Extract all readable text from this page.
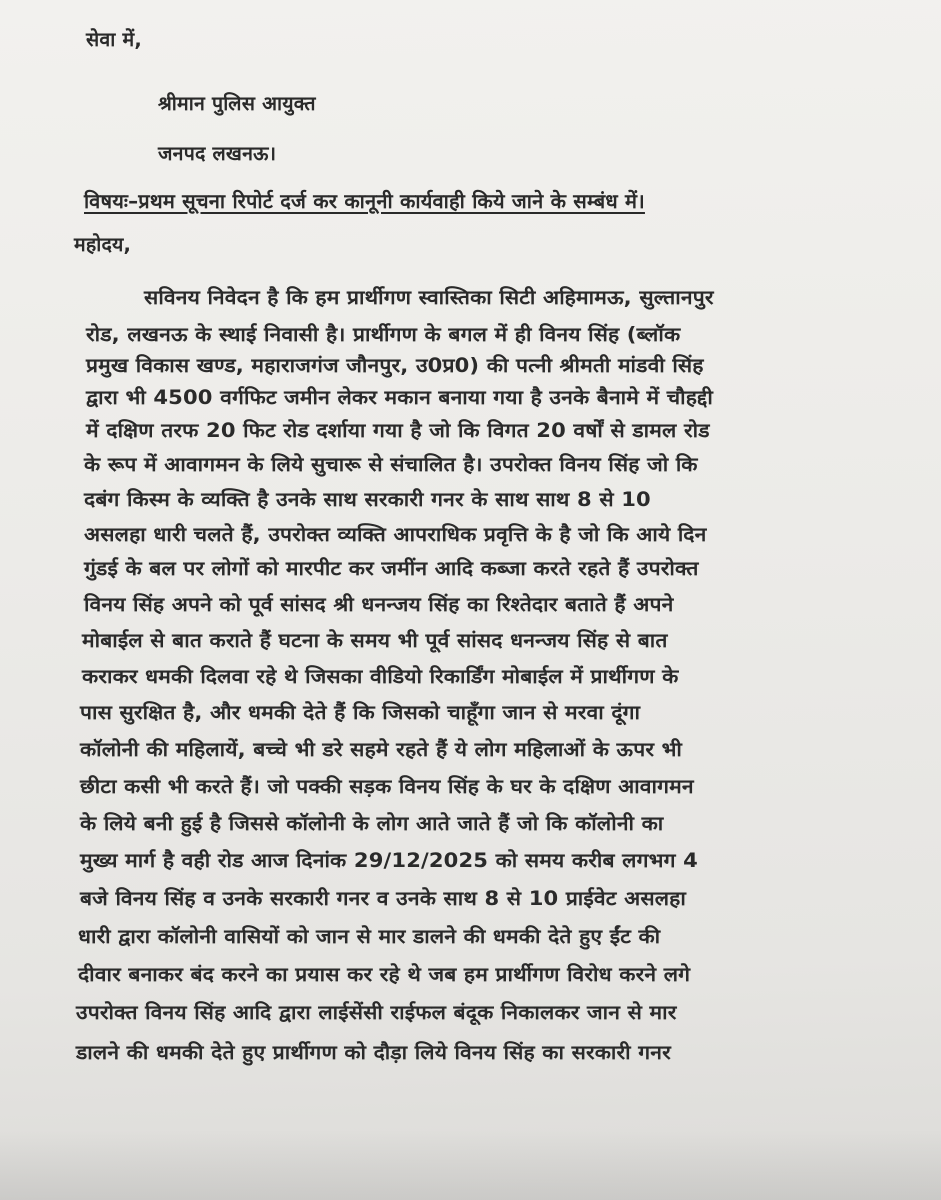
सेवा में,
श्रीमान पुलिस आयुक्त
जनपद लखनऊ।
विषयः–प्रथम सूचना रिपोर्ट दर्ज कर कानूनी कार्यवाही किये जाने के सम्बंध में।
महोदय,
सविनय निवेदन है कि हम प्रार्थीगण स्वास्तिका सिटी अहिमामऊ, सुल्तानपुर
रोड, लखनऊ के स्थाई निवासी है। प्रार्थीगण के बगल में ही विनय सिंह (ब्लॉक
प्रमुख विकास खण्ड, महाराजगंज जौनपुर, उ0प्र0) की पत्नी श्रीमती मांडवी सिंह
द्वारा भी 4500 वर्गफिट जमीन लेकर मकान बनाया गया है उनके बैनामे में चौहद्दी
में दक्षिण तरफ 20 फिट रोड दर्शाया गया है जो कि विगत 20 वर्षों से डामल रोड
के रूप में आवागमन के लिये सुचारू से संचालित है। उपरोक्त विनय सिंह जो कि
दबंग किस्म के व्यक्ति है उनके साथ सरकारी गनर के साथ साथ 8 से 10
असलहा धारी चलते हैं, उपरोक्त व्यक्ति आपराधिक प्रवृत्ति के है जो कि आये दिन
गुंडई के बल पर लोगों को मारपीट कर जमींन आदि कब्जा करते रहते हैं उपरोक्त
विनय सिंह अपने को पूर्व सांसद श्री धनन्जय सिंह का रिश्तेदार बताते हैं अपने
मोबाईल से बात कराते हैं घटना के समय भी पूर्व सांसद धनन्जय सिंह से बात
कराकर धमकी दिलवा रहे थे जिसका वीडियो रिकार्डिंग मोबाईल में प्रार्थीगण के
पास सुरक्षित है, और धमकी देते हैं कि जिसको चाहूँगा जान से मरवा दूंगा
कॉलोनी की महिलायें, बच्चे भी डरे सहमे रहते हैं ये लोग महिलाओं के ऊपर भी
छीटा कसी भी करते हैं। जो पक्की सड़क विनय सिंह के घर के दक्षिण आवागमन
के लिये बनी हुई है जिससे कॉलोनी के लोग आते जाते हैं जो कि कॉलोनी का
मुख्य मार्ग है वही रोड आज दिनांक 29/12/2025 को समय करीब लगभग 4
बजे विनय सिंह व उनके सरकारी गनर व उनके साथ 8 से 10 प्राईवेट असलहा
धारी द्वारा कॉलोनी वासियों को जान से मार डालने की धमकी देते हुए ईंट की
दीवार बनाकर बंद करने का प्रयास कर रहे थे जब हम प्रार्थीगण विरोध करने लगे
उपरोक्त विनय सिंह आदि द्वारा लाईसेंसी राईफल बंदूक निकालकर जान से मार
डालने की धमकी देते हुए प्रार्थीगण को दौड़ा लिये विनय सिंह का सरकारी गनर
